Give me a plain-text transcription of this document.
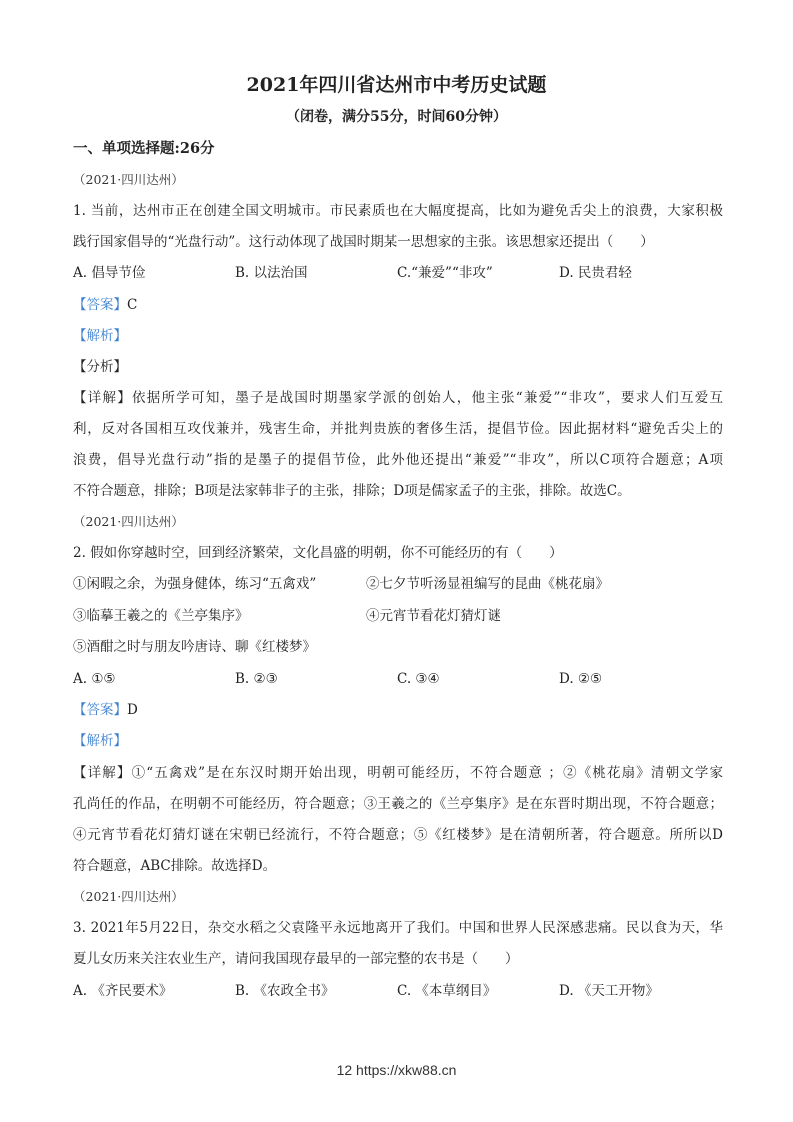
2021年四川省达州市中考历史试题
（闭卷，满分55分，时间60分钟）
一、单项选择题:26分
（2021·四川达州）
1. 当前，达州市正在创建全国文明城市。市民素质也在大幅度提高，比如为避免舌尖上的浪费，大家积极
践行国家倡导的“光盘行动”。这行动体现了战国时期某一思想家的主张。该思想家还提出（　　）
A. 倡导节俭	B. 以法治国	C.“兼爱”“非攻”	D. 民贵君轻
【答案】C
【解析】
【分析】
【详解】依据所学可知，墨子是战国时期墨家学派的创始人，他主张“兼爱”“非攻”，要求人们互爱互
利，反对各国相互攻伐兼并，残害生命，并批判贵族的奢侈生活，提倡节俭。因此据材料“避免舌尖上的
浪费，倡导光盘行动”指的是墨子的提倡节俭，此外他还提出“兼爱”“非攻”，所以C项符合题意；A项
不符合题意，排除；B项是法家韩非子的主张，排除；D项是儒家孟子的主张，排除。故选C。
（2021·四川达州）
2. 假如你穿越时空，回到经济繁荣，文化昌盛的明朝，你不可能经历的有（　　）
①闲暇之余，为强身健体，练习“五禽戏”	②七夕节听汤显祖编写的昆曲《桃花扇》
③临摹王羲之的《兰亭集序》	④元宵节看花灯猜灯谜
⑤酒酣之时与朋友吟唐诗、聊《红楼梦》
A. ①⑤	B. ②③	C. ③④	D. ②⑤
【答案】D
【解析】
【详解】①“五禽戏”是在东汉时期开始出现，明朝可能经历，不符合题意 ；②《桃花扇》清朝文学家
孔尚任的作品，在明朝不可能经历，符合题意；③王羲之的《兰亭集序》是在东晋时期出现，不符合题意；
④元宵节看花灯猜灯谜在宋朝已经流行，不符合题意；⑤《红楼梦》是在清朝所著，符合题意。所所以D
符合题意，ABC排除。故选择D。
（2021·四川达州）
3. 2021年5月22日，杂交水稻之父袁隆平永远地离开了我们。中国和世界人民深感悲痛。民以食为天，华
夏儿女历来关注农业生产，请问我国现存最早的一部完整的农书是（　　）
A. 《齐民要术》	B. 《农政全书》	C. 《本草纲目》	D. 《天工开物》
12 https://xkw88.cn
